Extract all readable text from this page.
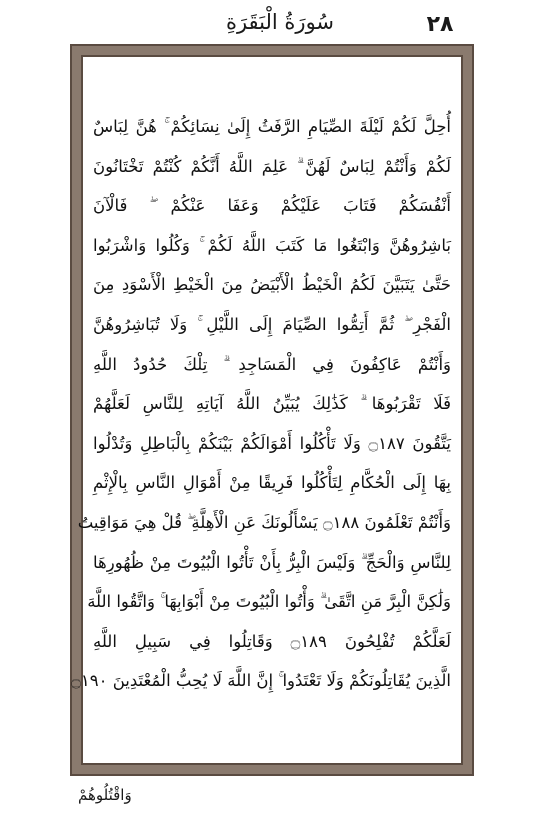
٢٨
سُورَةُ الْبَقَرَةِ
أُحِلَّ لَكُمْ لَيْلَةَ الصِّيَامِ الرَّفَثُ إِلَىٰ نِسَائِكُمْ ۚ هُنَّ لِبَاسٌ
لَكُمْ وَأَنْتُمْ لِبَاسٌ لَهُنَّ ۗ عَلِمَ اللَّهُ أَنَّكُمْ كُنْتُمْ تَخْتَانُونَ
أَنْفُسَكُمْ فَتَابَ عَلَيْكُمْ وَعَفَا عَنْكُمْ ۖ فَالْآنَ
بَاشِرُوهُنَّ وَابْتَغُوا مَا كَتَبَ اللَّهُ لَكُمْ ۚ وَكُلُوا وَاشْرَبُوا
حَتَّىٰ يَتَبَيَّنَ لَكُمُ الْخَيْطُ الْأَبْيَضُ مِنَ الْخَيْطِ الْأَسْوَدِ مِنَ
الْفَجْرِ ۖ ثُمَّ أَتِمُّوا الصِّيَامَ إِلَى اللَّيْلِ ۚ وَلَا تُبَاشِرُوهُنَّ
وَأَنْتُمْ عَاكِفُونَ فِي الْمَسَاجِدِ ۗ تِلْكَ حُدُودُ اللَّهِ
فَلَا تَقْرَبُوهَا ۗ كَذَٰلِكَ يُبَيِّنُ اللَّهُ آيَاتِهِ لِلنَّاسِ لَعَلَّهُمْ
يَتَّقُونَ ۝١٨٧ وَلَا تَأْكُلُوا أَمْوَالَكُمْ بَيْنَكُمْ بِالْبَاطِلِ وَتُدْلُوا
بِهَا إِلَى الْحُكَّامِ لِتَأْكُلُوا فَرِيقًا مِنْ أَمْوَالِ النَّاسِ بِالْإِثْمِ
وَأَنْتُمْ تَعْلَمُونَ ۝١٨٨ يَسْأَلُونَكَ عَنِ الْأَهِلَّةِ ۖ قُلْ هِيَ مَوَاقِيتُ
لِلنَّاسِ وَالْحَجِّ ۗ وَلَيْسَ الْبِرُّ بِأَنْ تَأْتُوا الْبُيُوتَ مِنْ ظُهُورِهَا
وَلَٰكِنَّ الْبِرَّ مَنِ اتَّقَىٰ ۗ وَأْتُوا الْبُيُوتَ مِنْ أَبْوَابِهَا ۚ وَاتَّقُوا اللَّهَ
لَعَلَّكُمْ تُفْلِحُونَ ۝١٨٩ وَقَاتِلُوا فِي سَبِيلِ اللَّهِ
الَّذِينَ يُقَاتِلُونَكُمْ وَلَا تَعْتَدُوا ۚ إِنَّ اللَّهَ لَا يُحِبُّ الْمُعْتَدِينَ ۝١٩٠
وَاقْتُلُوهُمْ
